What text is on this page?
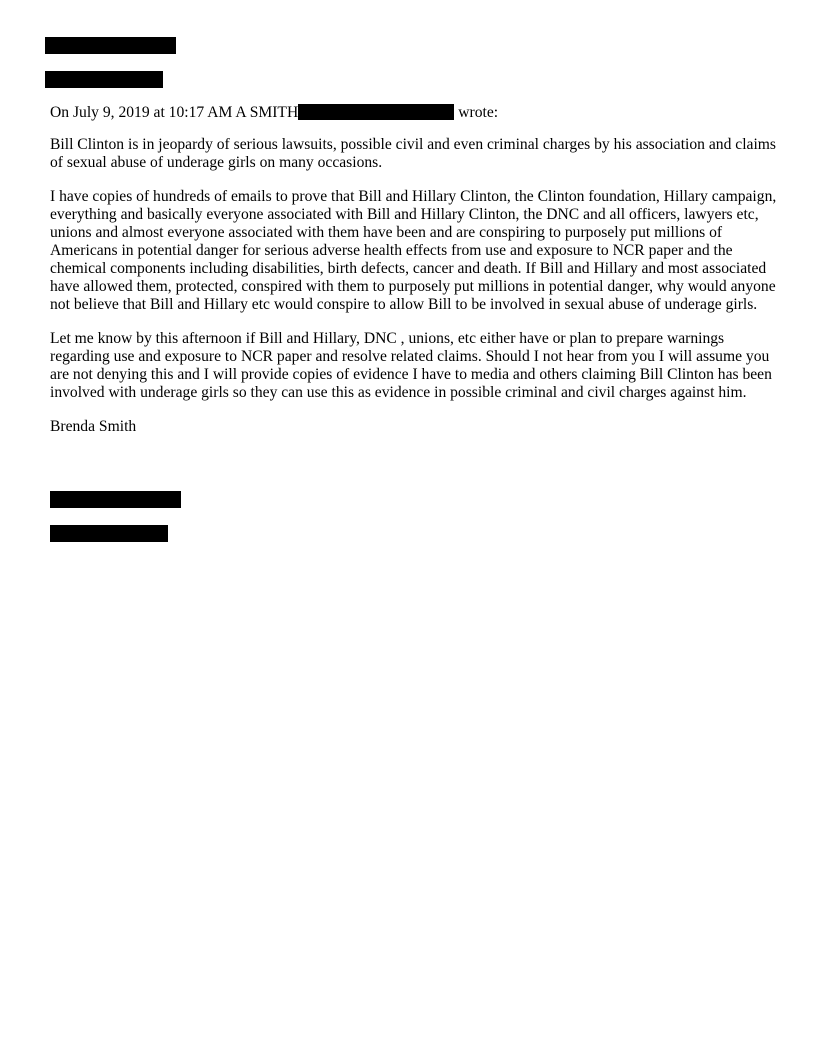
On July 9, 2019 at 10:17 AM A SMITH	wrote:

Bill Clinton is in jeopardy of serious lawsuits, possible civil and even criminal charges by his association and claims of sexual abuse of underage girls on many occasions.

I have copies of hundreds of emails to prove that Bill and Hillary Clinton, the Clinton foundation, Hillary campaign, everything and basically everyone associated with Bill and Hillary Clinton, the DNC and all officers, lawyers etc, unions and almost everyone associated with them have been and are conspiring to purposely put millions of Americans in potential danger for serious adverse health effects from use and exposure to NCR paper and the chemical components including disabilities, birth defects, cancer and death. If Bill and Hillary and most associated have allowed them, protected, conspired with them to purposely put millions in potential danger, why would anyone not believe that Bill and Hillary etc would conspire to allow Bill to be involved in sexual abuse of underage girls.

Let me know by this afternoon if Bill and Hillary, DNC , unions, etc either have or plan to prepare warnings regarding use and exposure to NCR paper and resolve related claims. Should I not hear from you I will assume you are not denying this and I will provide copies of evidence I have to media and others claiming Bill Clinton has been involved with underage girls so they can use this as evidence in possible criminal and civil charges against him.

Brenda Smith
